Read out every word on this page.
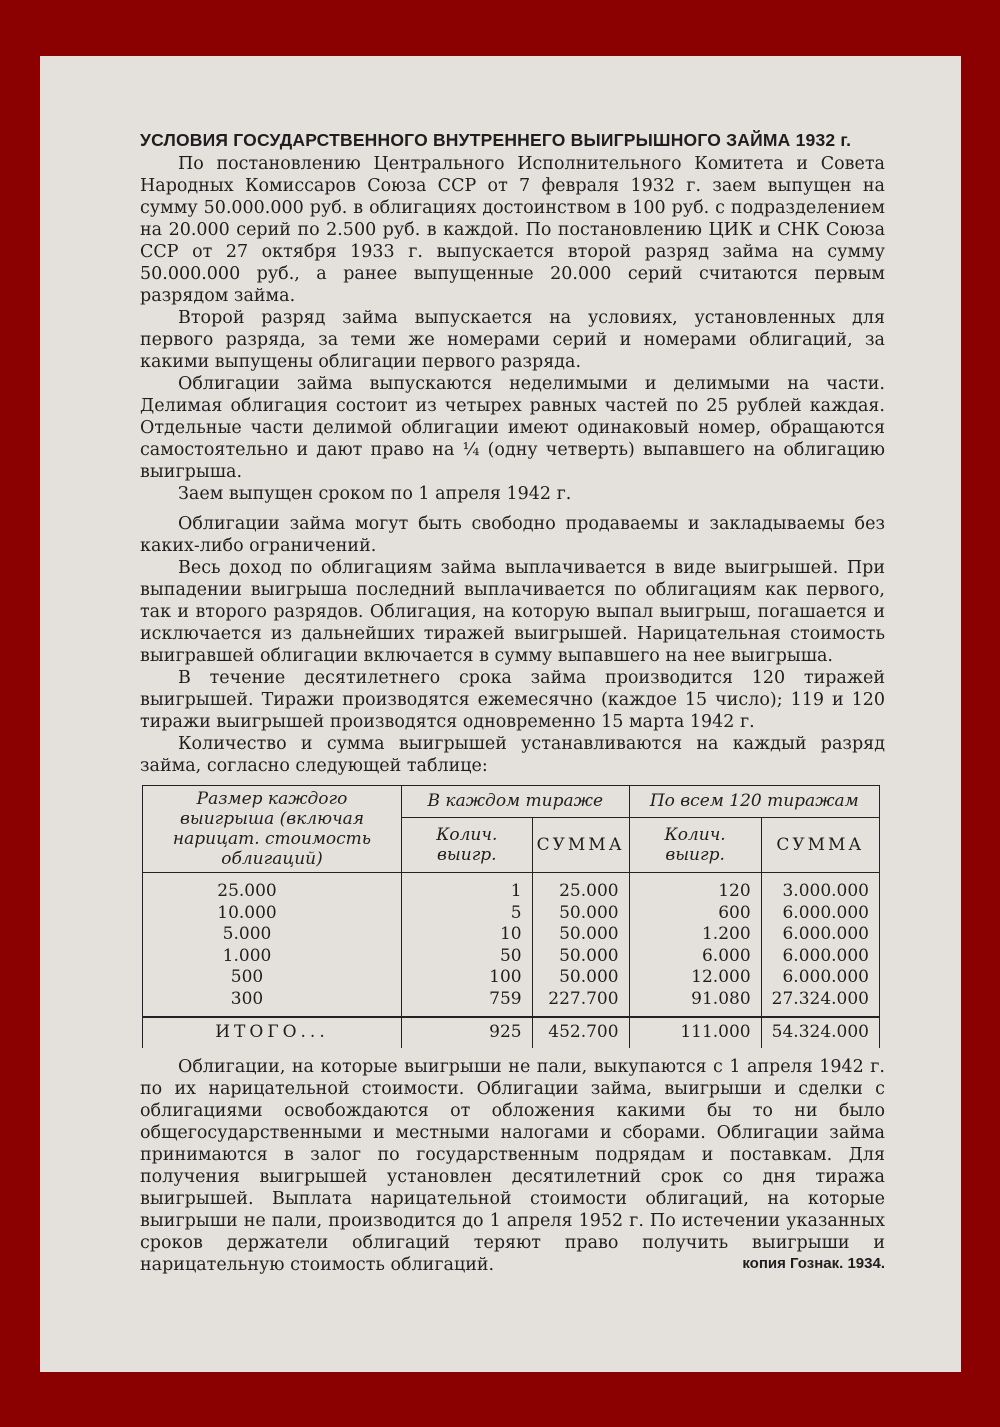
УСЛОВИЯ ГОСУДАРСТВЕННОГО ВНУТРЕННЕГО ВЫИГРЫШНОГО ЗАЙМА 1932 г.

По постановлению Центрального Исполнительного Комитета и Совета Народных Комиссаров Союза ССР от 7 февраля 1932 г. заем выпущен на сумму 50.000.000 руб. в облигациях достоинством в 100 руб. с подразделением на 20.000 серий по 2.500 руб. в каждой. По постановлению ЦИК и СНК Союза ССР от 27 октября 1933 г. выпускается второй разряд займа на сумму 50.000.000 руб., а ранее выпущенные 20.000 серий считаются первым разрядом займа.

Второй разряд займа выпускается на условиях, установленных для первого разряда, за теми же номерами серий и номерами облигаций, за какими выпущены облигации первого разряда.

Облигации займа выпускаются неделимыми и делимыми на части. Делимая облигация состоит из четырех равных частей по 25 рублей каждая. Отдельные части делимой облигации имеют одинаковый номер, обращаются самостоятельно и дают право на ¼ (одну четверть) выпавшего на облигацию выигрыша.

Заем выпущен сроком по 1 апреля 1942 г.

Облигации займа могут быть свободно продаваемы и закладываемы без каких-либо ограничений.

Весь доход по облигациям займа выплачивается в виде выигрышей. При выпадении выигрыша последний выплачивается по облигациям как первого, так и второго разрядов. Облигация, на которую выпал выигрыш, погашается и исключается из дальнейших тиражей выигрышей. Нарицательная стоимость выигравшей облигации включается в сумму выпавшего на нее выигрыша.

В течение десятилетнего срока займа производится 120 тиражей выигрышей. Тиражи производятся ежемесячно (каждое 15 число); 119 и 120 тиражи выигрышей производятся одновременно 15 марта 1942 г.

Количество и сумма выигрышей устанавливаются на каждый разряд займа, согласно следующей таблице:

Размер каждого выигрыша (включая нарицат. стоимость облигаций)	В каждом тираже		По всем 120 тиражам	
	Колич. выигр.	СУММА	Колич. выигр.	СУММА
25.000	1	25.000	120	3.000.000
10.000	5	50.000	600	6.000.000
5.000	10	50.000	1.200	6.000.000
1.000	50	50.000	6.000	6.000.000
500	100	50.000	12.000	6.000.000
300	759	227.700	91.080	27.324.000
ИТОГО...	925	452.700	111.000	54.324.000

Облигации, на которые выигрыши не пали, выкупаются с 1 апреля 1942 г. по их нарицательной стоимости. Облигации займа, выигрыши и сделки с облигациями освобождаются от обложения какими бы то ни было общегосударственными и местными налогами и сборами. Облигации займа принимаются в залог по государственным подрядам и поставкам. Для получения выигрышей установлен десятилетний срок со дня тиража выигрышей. Выплата нарицательной стоимости облигаций, на которые выигрыши не пали, производится до 1 апреля 1952 г. По истечении указанных сроков держатели облигаций теряют право получить выигрыши и нарицательную стоимость облигаций.	копия Гознак. 1934.
